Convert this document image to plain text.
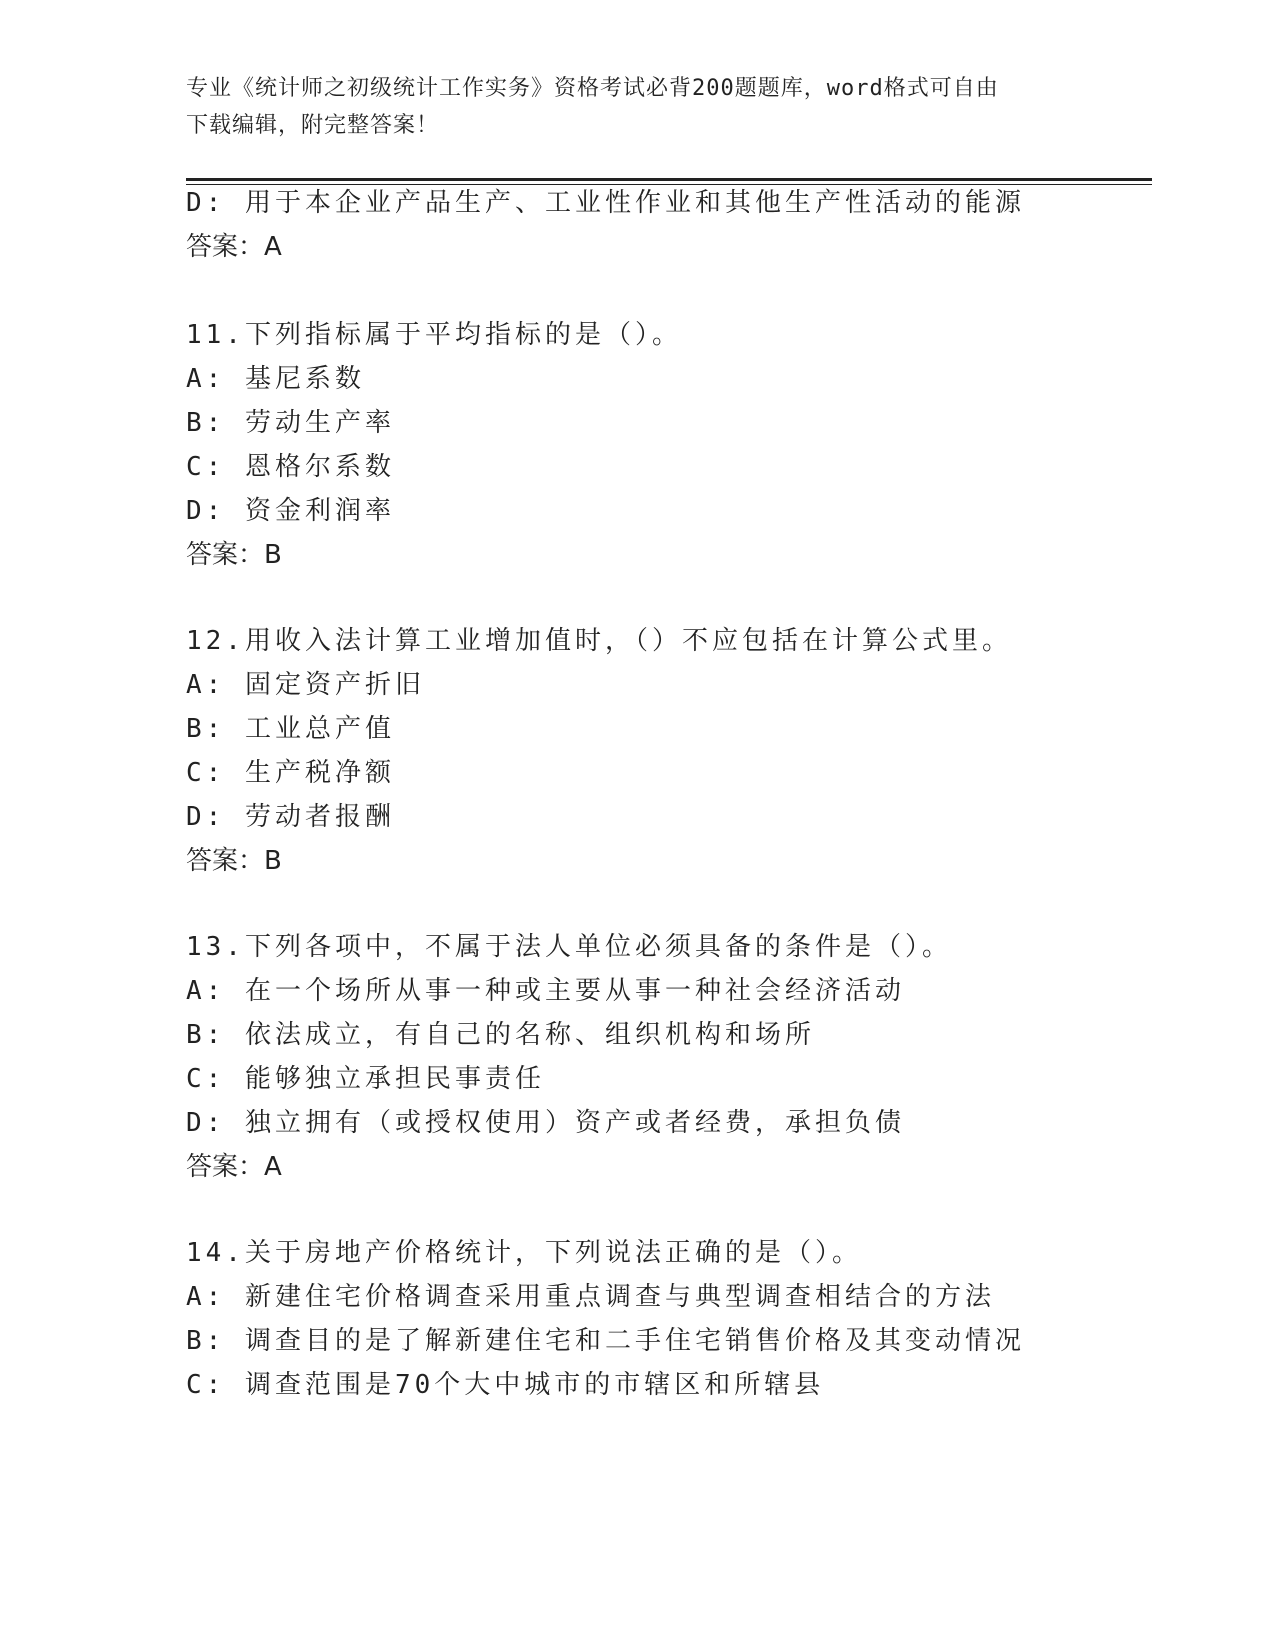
专业《统计师之初级统计工作实务》资格考试必背200题题库，word格式可自由
下载编辑，附完整答案！
D: 用于本企业产品生产、工业性作业和其他生产性活动的能源
答案：A
11.下列指标属于平均指标的是（）。
A: 基尼系数
B: 劳动生产率
C: 恩格尔系数
D: 资金利润率
答案：B
12.用收入法计算工业增加值时，（）不应包括在计算公式里。
A: 固定资产折旧
B: 工业总产值
C: 生产税净额
D: 劳动者报酬
答案：B
13.下列各项中，不属于法人单位必须具备的条件是（）。
A: 在一个场所从事一种或主要从事一种社会经济活动
B: 依法成立，有自己的名称、组织机构和场所
C: 能够独立承担民事责任
D: 独立拥有（或授权使用）资产或者经费，承担负债
答案：A
14.关于房地产价格统计，下列说法正确的是（）。
A: 新建住宅价格调查采用重点调查与典型调查相结合的方法
B: 调查目的是了解新建住宅和二手住宅销售价格及其变动情况
C: 调查范围是70个大中城市的市辖区和所辖县
